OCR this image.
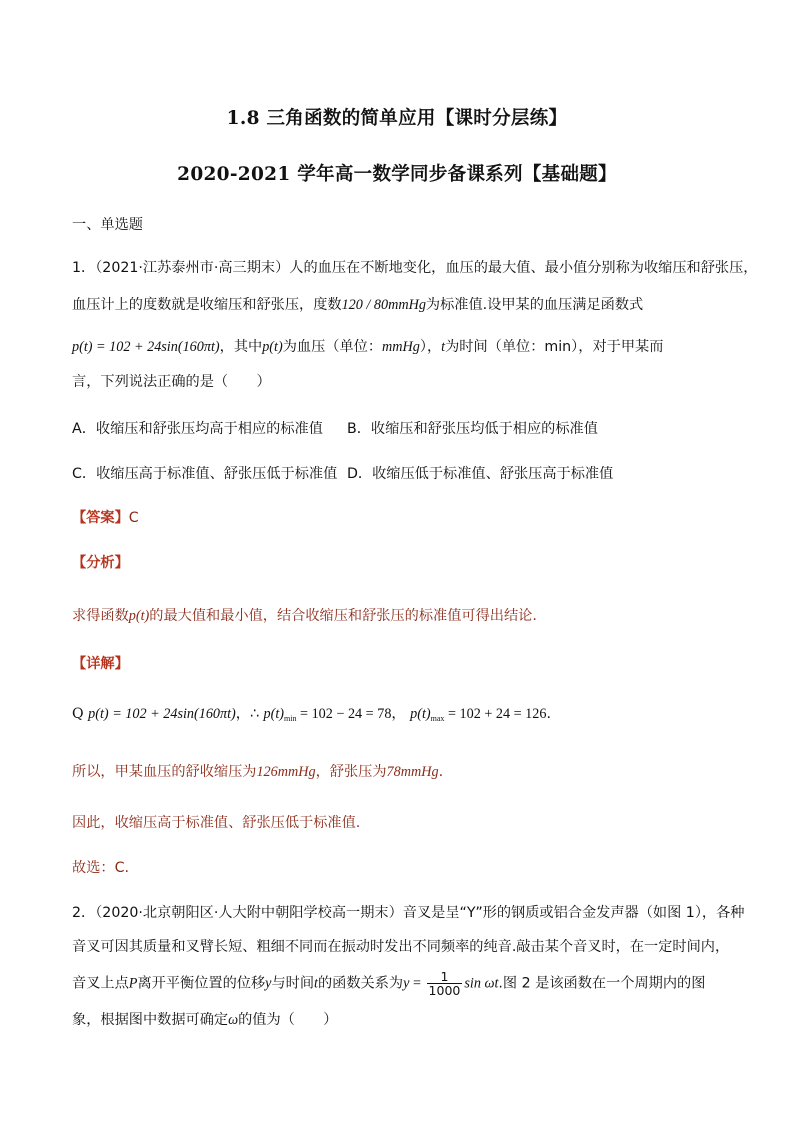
1.8 三角函数的简单应用【课时分层练】
2020-2021 学年高一数学同步备课系列【基础题】
一、单选题
1．（2021·江苏泰州市·高三期末）人的血压在不断地变化，血压的最大值、最小值分别称为收缩压和舒张压，
血压计上的度数就是收缩压和舒张压，度数120 / 80mmHg为标准值.设甲某的血压满足函数式
p(t) = 102 + 24sin(160πt)，其中p(t)为血压（单位：mmHg），t为时间（单位：min），对于甲某而
言，下列说法正确的是（　　）
A．收缩压和舒张压均高于相应的标准值 B．收缩压和舒张压均低于相应的标准值
C．收缩压高于标准值、舒张压低于标准值 D．收缩压低于标准值、舒张压高于标准值
【答案】C
【分析】
求得函数p(t)的最大值和最小值，结合收缩压和舒张压的标准值可得出结论.
【详解】
Q p(t) = 102 + 24sin(160πt)，∴ $p(t)_{min} = 102 - 24 = 78$， $p(t)_{max} = 102 + 24 = 126$.
所以，甲某血压的舒收缩压为126mmHg，舒张压为78mmHg.
因此，收缩压高于标准值、舒张压低于标准值.
故选：C.
2．（2020·北京朝阳区·人大附中朝阳学校高一期末）音叉是呈“Y”形的钢质或铝合金发声器（如图 1），各种
音叉可因其质量和叉臂长短、粗细不同而在振动时发出不同频率的纯音.敲击某个音叉时，在一定时间内，
音叉上点P离开平衡位置的位移y与时间t的函数关系为$y = \frac{1}{1000}$ sin ωt.图 2 是该函数在一个周期内的图
象，根据图中数据可确定ω的值为（　　）
